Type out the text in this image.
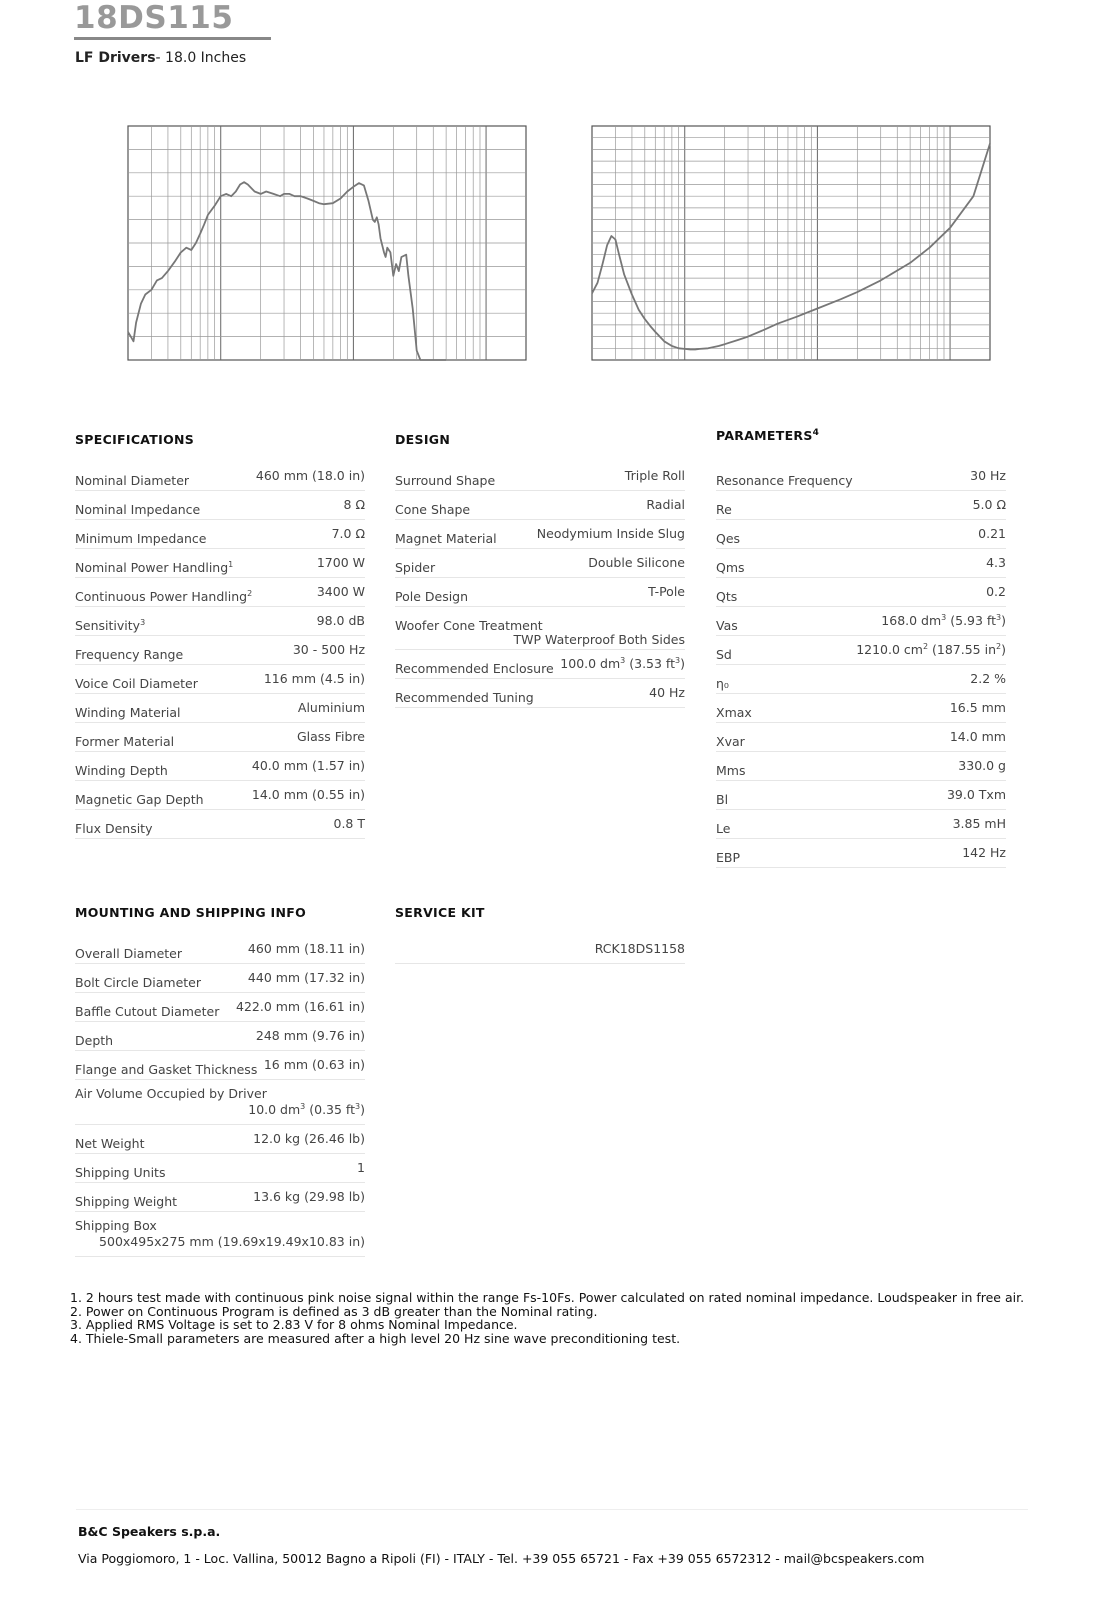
18DS115
LF Drivers- 18.0 Inches
SPECIFICATIONS	DESIGN	PARAMETERS$^4$
Nominal Diameter	460 mm (18.0 in)
Nominal Impedance	8 Ω
Minimum Impedance	7.0 Ω
Nominal Power Handling$^1$	1700 W
Continuous Power Handling$^2$	3400 W
Sensitivity$^3$	98.0 dB
Frequency Range	30 - 500 Hz
Voice Coil Diameter	116 mm (4.5 in)
Winding Material	Aluminium
Former Material	Glass Fibre
Winding Depth	40.0 mm (1.57 in)
Magnetic Gap Depth	14.0 mm (0.55 in)
Flux Density	0.8 T
Surround Shape	Triple Roll
Cone Shape	Radial
Magnet Material	Neodymium Inside Slug
Spider	Double Silicone
Pole Design	T-Pole
Woofer Cone Treatment
TWP Waterproof Both Sides
Recommended Enclosure 100.0 $dm^3$ (3.53 $ft^3$)
Recommended Tuning	40 Hz
Resonance Frequency	30 Hz
Re	5.0 Ω
Qes	0.21
Qms	4.3
Qts	0.2
Vas	168.0 $dm^3$ (5.93 $ft^3$)
Sd	1210.0 $cm^2$ (187.55 $in^2$)
η₀	2.2 %
Xmax	16.5 mm
Xvar	14.0 mm
Mms	330.0 g
Bl	39.0 Txm
Le	3.85 mH
EBP	142 Hz
MOUNTING AND SHIPPING INFO	SERVICE KIT
Overall Diameter	460 mm (18.11 in)
Bolt Circle Diameter	440 mm (17.32 in)
Baffle Cutout Diameter 422.0 mm (16.61 in)
Depth	248 mm (9.76 in)
Flange and Gasket Thickness 16 mm (0.63 in)
Air Volume Occupied by Driver
10.0 $dm^3$ (0.35 $ft^3$)
Net Weight	12.0 kg (26.46 lb)
Shipping Units	1
Shipping Weight	13.6 kg (29.98 lb)
Shipping Box
500x495x275 mm (19.69x19.49x10.83 in)
RCK18DS1158
1. 2 hours test made with continuous pink noise signal within the range Fs-10Fs. Power calculated on rated nominal impedance. Loudspeaker in free air.
2. Power on Continuous Program is defined as 3 dB greater than the Nominal rating.
3. Applied RMS Voltage is set to 2.83 V for 8 ohms Nominal Impedance.
4. Thiele-Small parameters are measured after a high level 20 Hz sine wave preconditioning test.
B&C Speakers s.p.a.
Via Poggiomoro, 1 - Loc. Vallina, 50012 Bagno a Ripoli (FI) - ITALY - Tel. +39 055 65721 - Fax +39 055 6572312 - mail@bcspeakers.com
